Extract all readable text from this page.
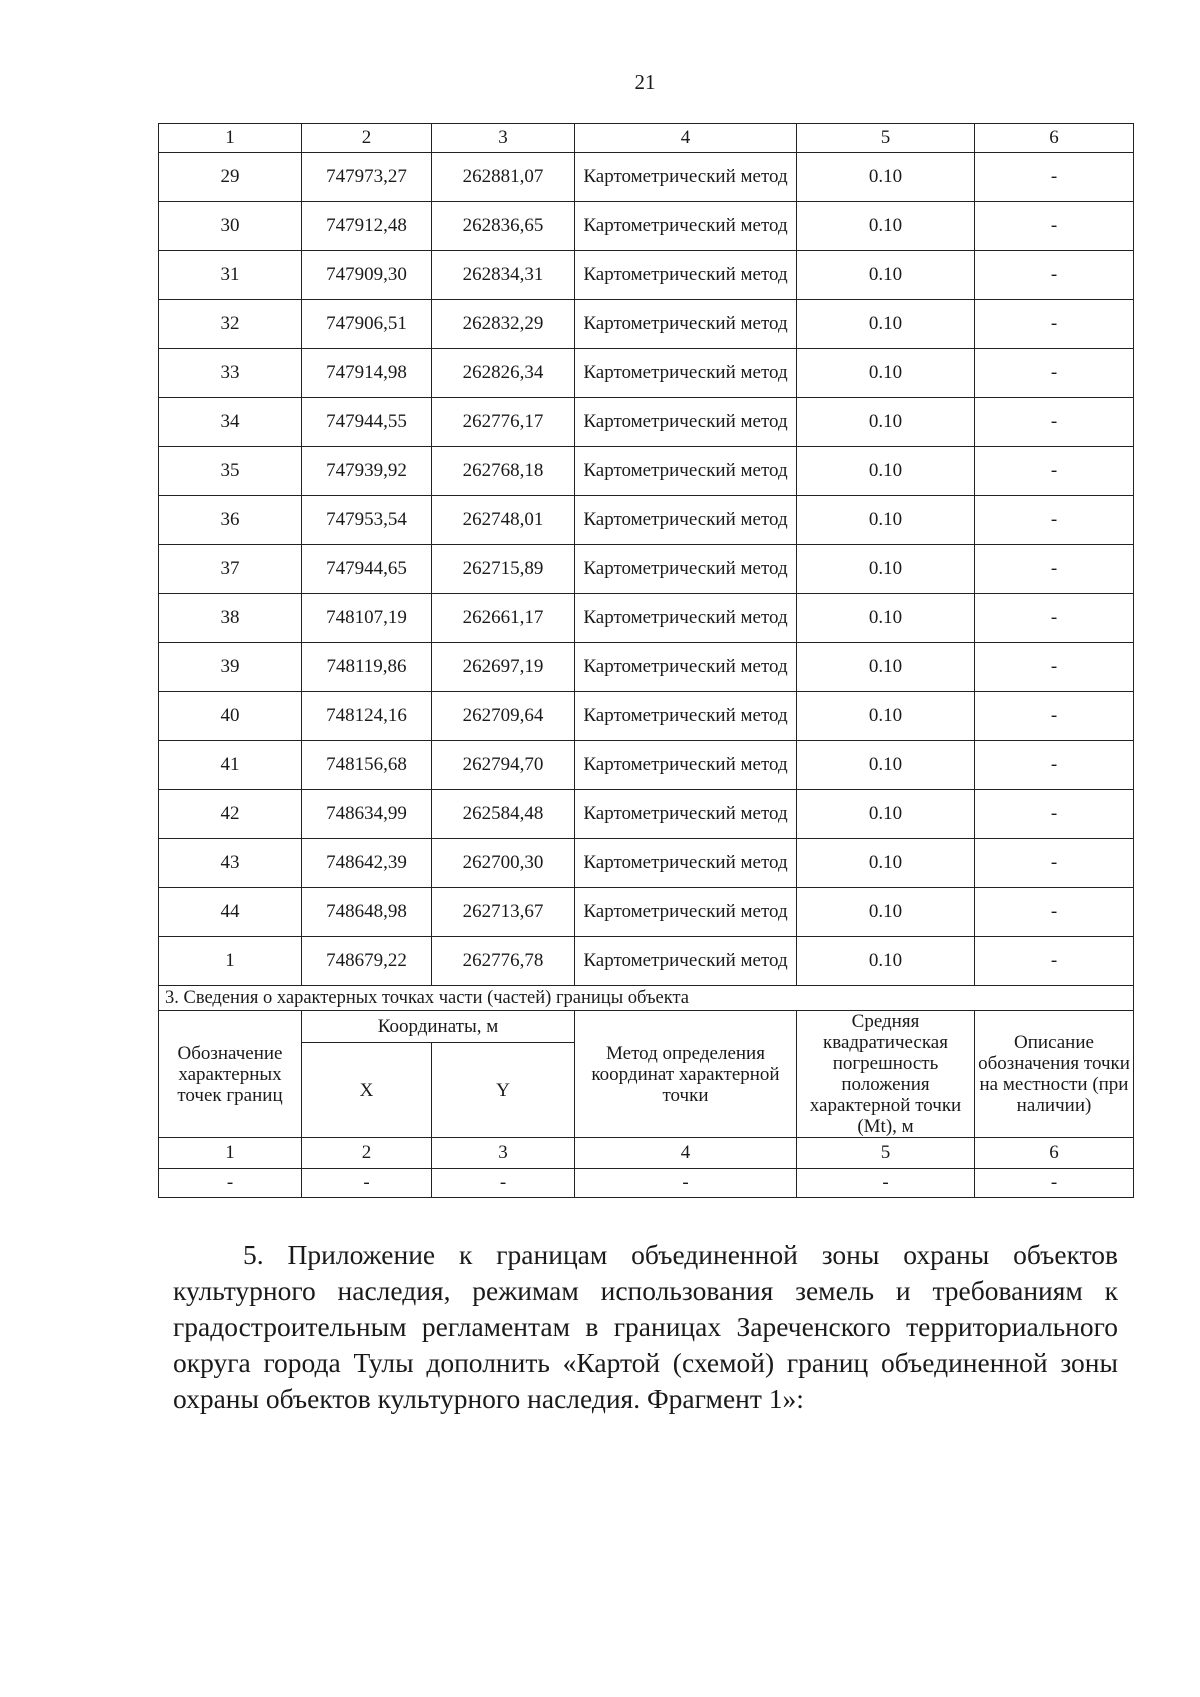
21
1	2	3	4	5	6
29	747973,27	262881,07	Картометрический метод	0.10	-
30	747912,48	262836,65	Картометрический метод	0.10	-
31	747909,30	262834,31	Картометрический метод	0.10	-
32	747906,51	262832,29	Картометрический метод	0.10	-
33	747914,98	262826,34	Картометрический метод	0.10	-
34	747944,55	262776,17	Картометрический метод	0.10	-
35	747939,92	262768,18	Картометрический метод	0.10	-
36	747953,54	262748,01	Картометрический метод	0.10	-
37	747944,65	262715,89	Картометрический метод	0.10	-
38	748107,19	262661,17	Картометрический метод	0.10	-
39	748119,86	262697,19	Картометрический метод	0.10	-
40	748124,16	262709,64	Картометрический метод	0.10	-
41	748156,68	262794,70	Картометрический метод	0.10	-
42	748634,99	262584,48	Картометрический метод	0.10	-
43	748642,39	262700,30	Картометрический метод	0.10	-
44	748648,98	262713,67	Картометрический метод	0.10	-
1	748679,22	262776,78	Картометрический метод	0.10	-
3. Сведения о характерных точках части (частей) границы объекта					
Обозначение характерных точек границ	Координаты, м		Метод определения координат характерной точки	Средняя квадратическая погрешность положения характерной точки (Mt), м	Описание обозначения точки на местности (при наличии)
	X	Y			
1	2	3	4	5	6
-	-	-	-	-	-

5. Приложение к границам объединенной зоны охраны объектов культурного наследия, режимам использования земель и требованиям к градостроительным регламентам в границах Зареченского территориального округа города Тулы дополнить «Картой (схемой) границ объединенной зоны охраны объектов культурного наследия. Фрагмент 1»:
